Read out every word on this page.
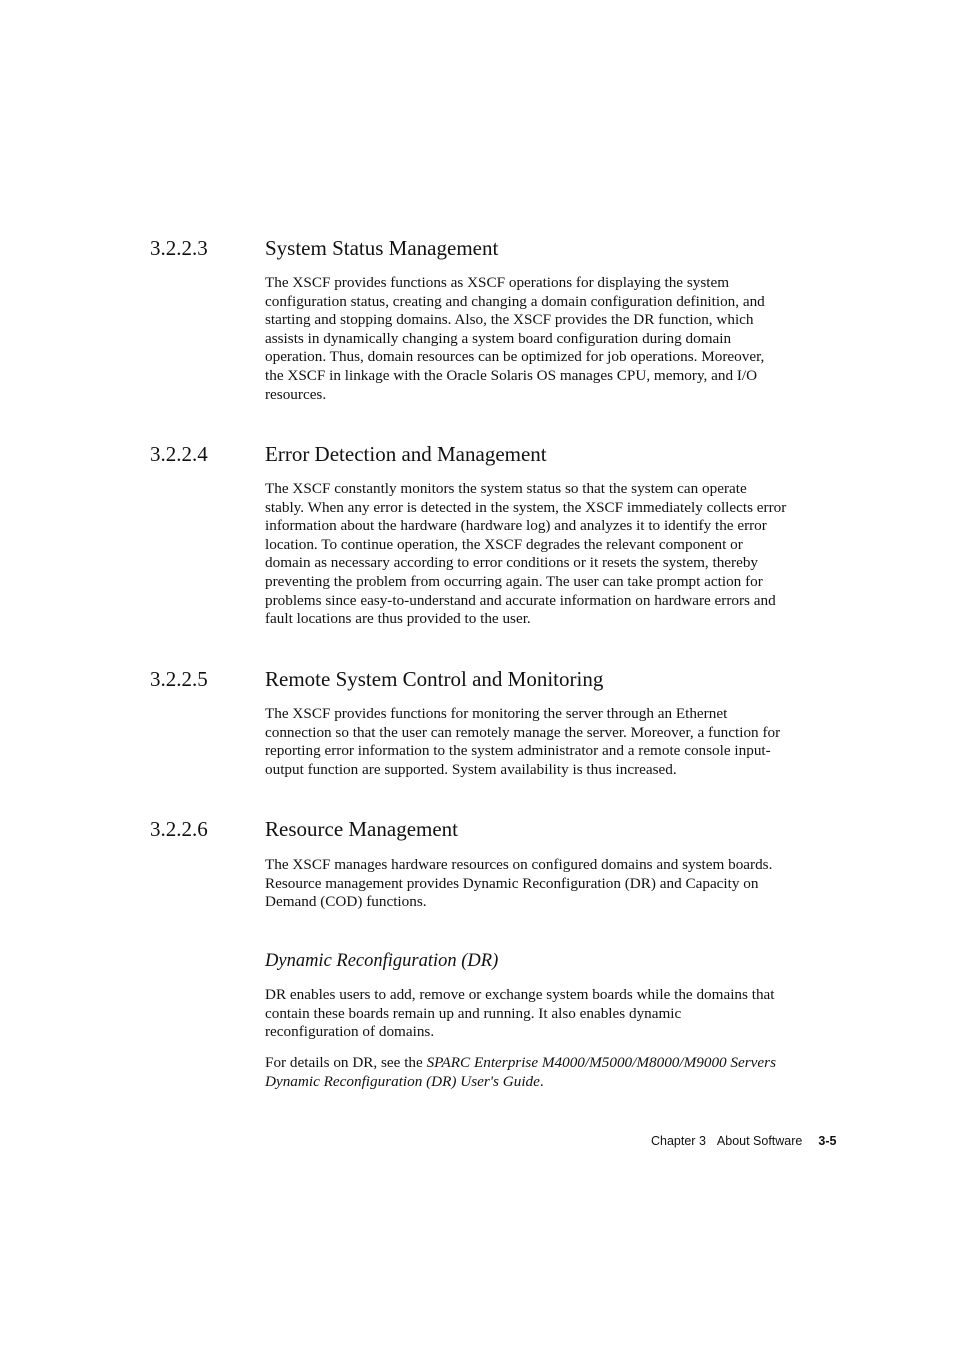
3.2.2.3	System Status Management

The XSCF provides functions as XSCF operations for displaying the system
configuration status, creating and changing a domain configuration definition, and
starting and stopping domains. Also, the XSCF provides the DR function, which
assists in dynamically changing a system board configuration during domain
operation. Thus, domain resources can be optimized for job operations. Moreover,
the XSCF in linkage with the Oracle Solaris OS manages CPU, memory, and I/O
resources.

3.2.2.4	Error Detection and Management

The XSCF constantly monitors the system status so that the system can operate
stably. When any error is detected in the system, the XSCF immediately collects error
information about the hardware (hardware log) and analyzes it to identify the error
location. To continue operation, the XSCF degrades the relevant component or
domain as necessary according to error conditions or it resets the system, thereby
preventing the problem from occurring again. The user can take prompt action for
problems since easy-to-understand and accurate information on hardware errors and
fault locations are thus provided to the user.

3.2.2.5	Remote System Control and Monitoring

The XSCF provides functions for monitoring the server through an Ethernet
connection so that the user can remotely manage the server. Moreover, a function for
reporting error information to the system administrator and a remote console input-
output function are supported. System availability is thus increased.

3.2.2.6	Resource Management

The XSCF manages hardware resources on configured domains and system boards.
Resource management provides Dynamic Reconfiguration (DR) and Capacity on
Demand (COD) functions.

Dynamic Reconfiguration (DR)

DR enables users to add, remove or exchange system boards while the domains that
contain these boards remain up and running. It also enables dynamic
reconfiguration of domains.

For details on DR, see the SPARC Enterprise M4000/M5000/M8000/M9000 Servers
Dynamic Reconfiguration (DR) User's Guide.

Chapter 3 About Software 3-5
